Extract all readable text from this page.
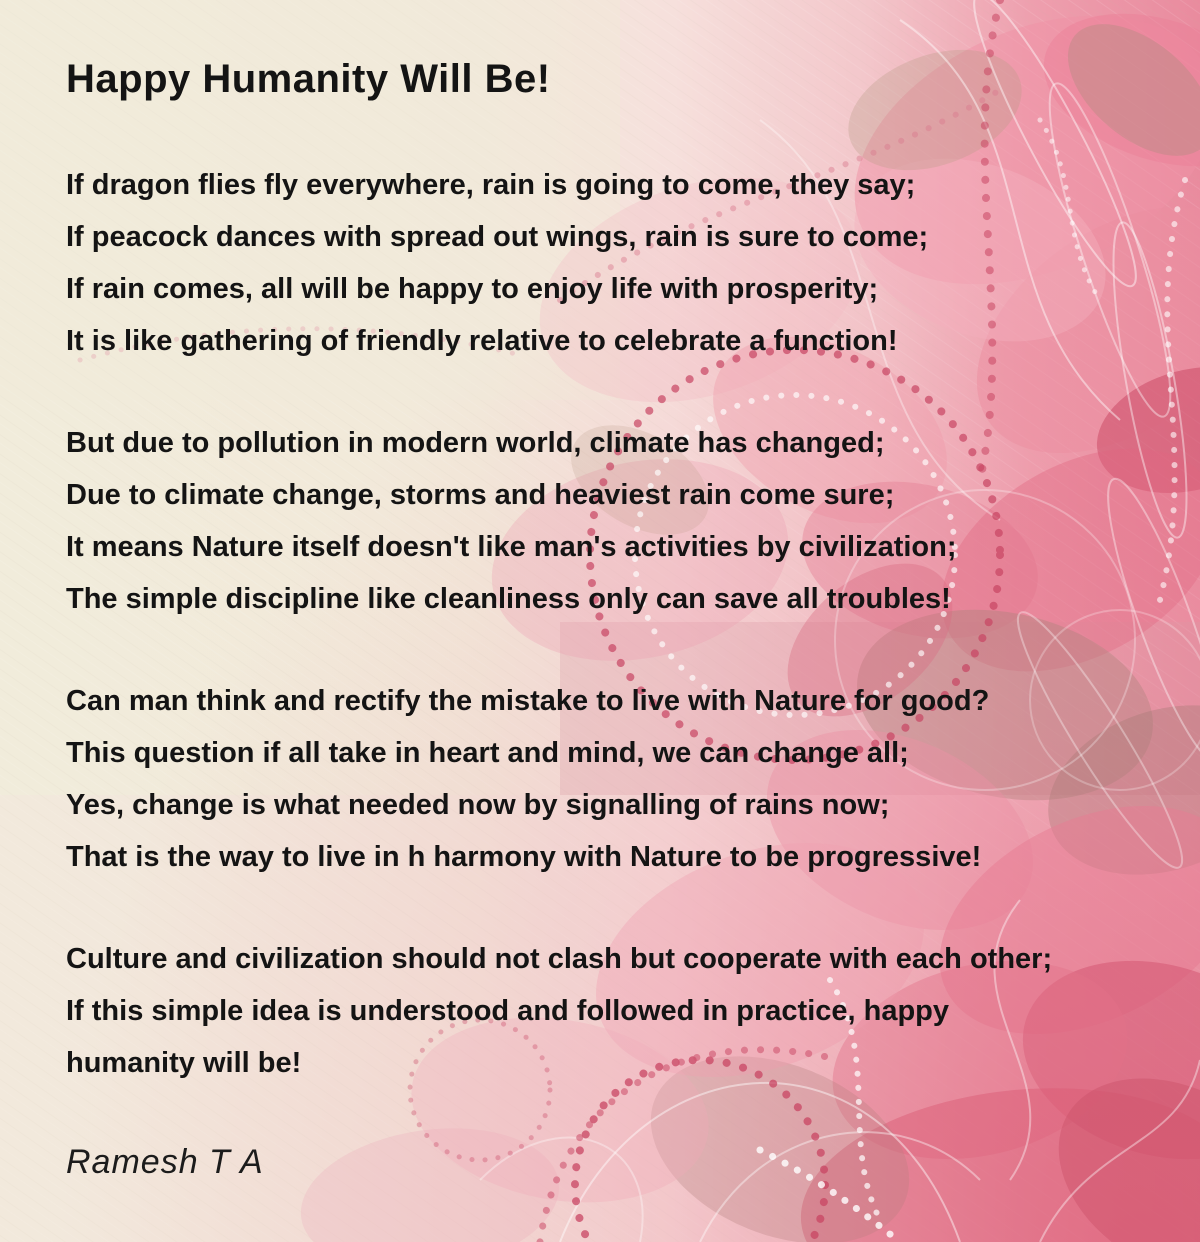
Happy Humanity Will Be!
If dragon flies fly everywhere, rain is going to come, they say;
If peacock dances with spread out wings, rain is sure to come;
If rain comes, all will be happy to enjoy life with prosperity;
It is like gathering of friendly relative to celebrate a function!
But due to pollution in modern world, climate has changed;
Due to climate change, storms and heaviest rain come sure;
It means Nature itself doesn't like man's activities by civilization;
The simple discipline like cleanliness only can save all troubles!
Can man think and rectify the mistake to live with Nature for good?
This question if all take in heart and mind, we can change all;
Yes, change is what needed now by signalling of rains now;
That is the way to live in h harmony with Nature to be progressive!
Culture and civilization should not clash but cooperate with each other;
If this simple idea is understood and followed in practice, happy
humanity will be!
Ramesh T A
